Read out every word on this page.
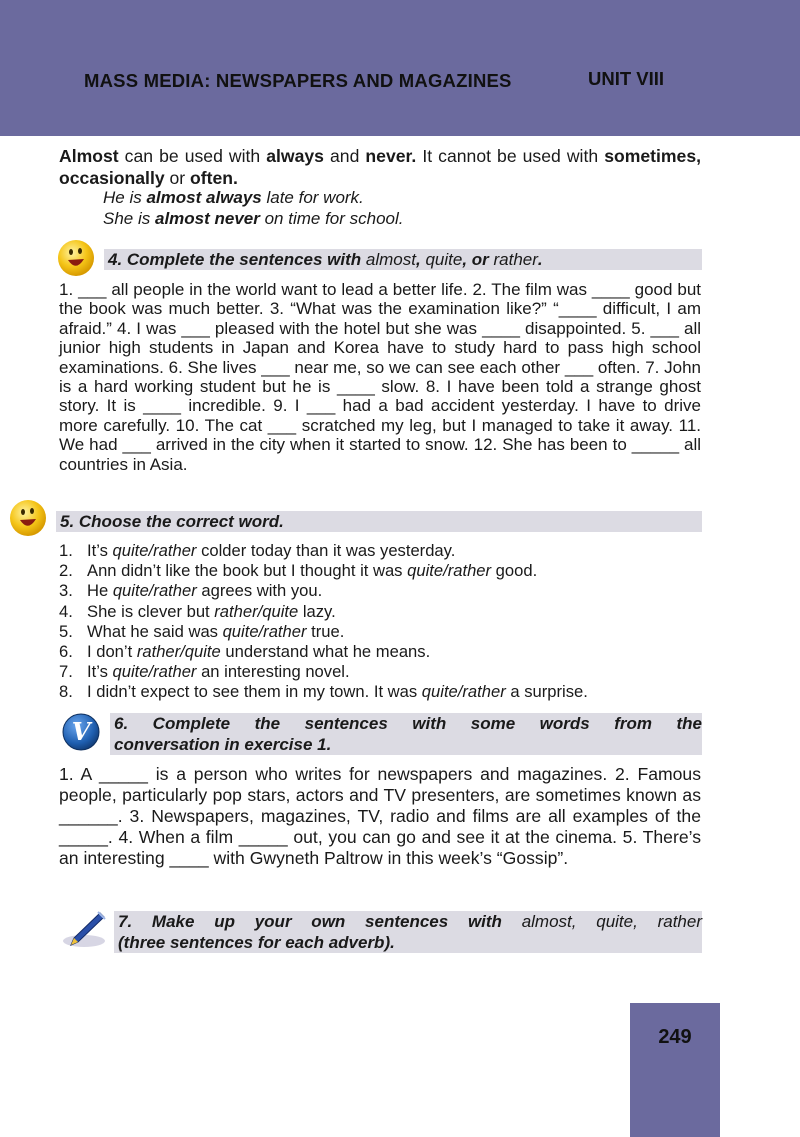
MASS MEDIA: NEWSPAPERS AND MAGAZINES	UNIT VIII

Almost can be used with always and never. It cannot be used with sometimes, occasionally or often.

He is almost always late for work.

She is almost never on time for school.

4. Complete the sentences with almost, quite, or rather.

1. ___ all people in the world want to lead a better life. 2. The film was ____ good but the book was much better. 3. “What was the examination like?” “____ difficult, I am afraid.” 4. I was ___ pleased with the hotel but she was ____ disappointed. 5. ___ all junior high students in Japan and Korea have to study hard to pass high school examinations. 6. She lives ___ near me, so we can see each other ___ often. 7. John is a hard working student but he is ____ slow. 8. I have been told a strange ghost story. It is ____ incredible. 9. I ___ had a bad accident yesterday. I have to drive more carefully. 10. The cat ___ scratched my leg, but I managed to take it away. 11. We had ___ arrived in the city when it started to snow. 12. She has been to _____ all countries in Asia.

5. Choose the correct word.
1. It’s quite/rather colder today than it was yesterday.
2. Ann didn’t like the book but I thought it was quite/rather good.
3. He quite/rather agrees with you.
4. She is clever but rather/quite lazy.
5. What he said was quite/rather true.
6. I don’t rather/quite understand what he means.
7. It’s quite/rather an interesting novel.
8. I didn’t expect to see them in my town. It was quite/rather a surprise.
V 6. Complete the sentences with some words from the
conversation in exercise 1.

1. A _____ is a person who writes for newspapers and magazines. 2. Famous people, particularly pop stars, actors and TV presenters, are sometimes known as ______. 3. Newspapers, magazines, TV, radio and films are all examples of the _____. 4. When a film _____ out, you can go and see it at the cinema. 5. There’s an interesting ____ with Gwyneth Paltrow in this week’s “Gossip”.

7. Make up your own sentences with almost, quite, rather
(three sentences for each adverb).
249
